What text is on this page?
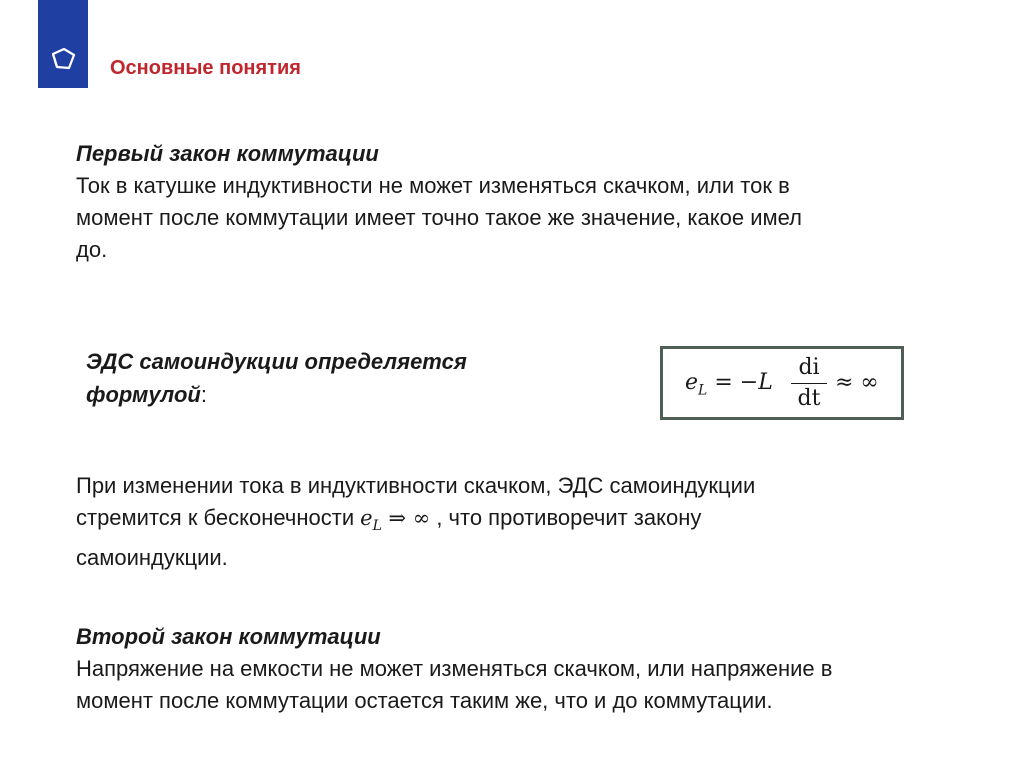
Основные понятия
Первый закон коммутации
Ток в катушке индуктивности не может изменяться скачком, или ток в
момент после коммутации имеет точно такое же значение, какое имел
до.
ЭДС самоиндукции определяется
формулой:	$e_L = -L$
di
dt
≈ ∞
При изменении тока в индуктивности скачком, ЭДС самоиндукции
стремится к бесконечности $e_L$ ⇒ ∞ , что противоречит закону
самоиндукции.
Второй закон коммутации
Напряжение на емкости не может изменяться скачком, или напряжение в
момент после коммутации остается таким же, что и до коммутации.
